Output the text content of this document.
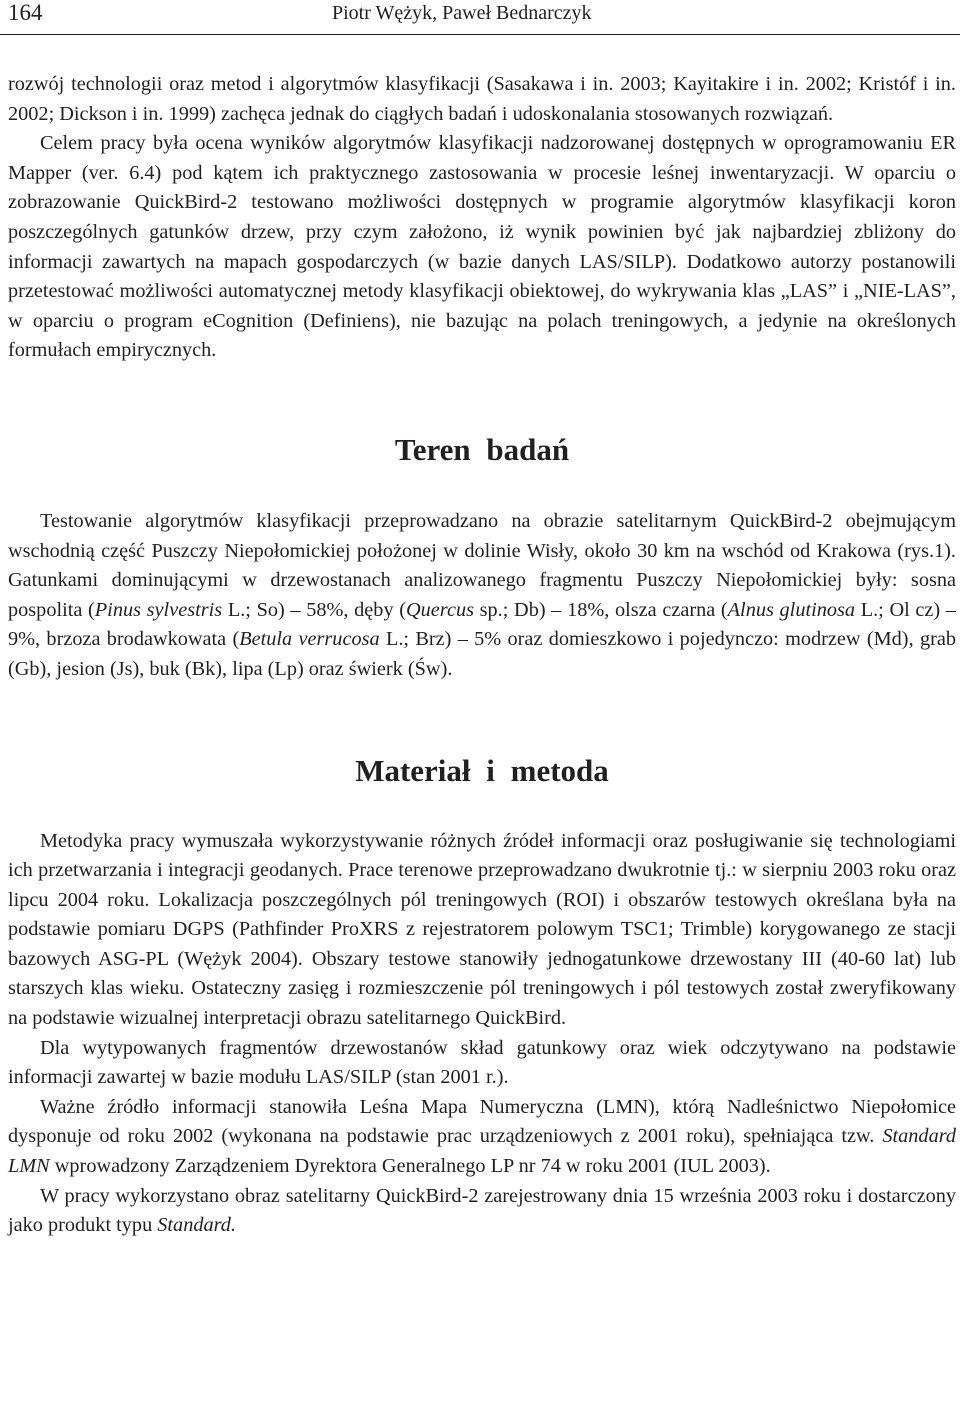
164	Piotr Wężyk, Paweł Bednarczyk

rozwój technologii oraz metod i algorytmów klasyfikacji (Sasakawa i in. 2003; Kayitakire i in. 2002; Kristóf i in. 2002; Dickson i in. 1999) zachęca jednak do ciągłych badań i udoskonalania stosowanych rozwiązań.

Celem pracy była ocena wyników algorytmów klasyfikacji nadzorowanej dostępnych w oprogramowaniu ER Mapper (ver. 6.4) pod kątem ich praktycznego zastosowania w procesie leśnej inwentaryzacji. W oparciu o zobrazowanie QuickBird-2 testowano możliwości dostępnych w programie algorytmów klasyfikacji koron poszczególnych gatunków drzew, przy czym założono, iż wynik powinien być jak najbardziej zbliżony do informacji zawartych na mapach gospodarczych (w bazie danych LAS/SILP). Dodatkowo autorzy postanowili przetestować możliwości automatycznej metody klasyfikacji obiektowej, do wykrywania klas „LAS” i „NIE-LAS”, w oparciu o program eCognition (Definiens), nie bazując na polach treningowych, a jedynie na określonych formułach empirycznych.

Teren badań

Testowanie algorytmów klasyfikacji przeprowadzano na obrazie satelitarnym QuickBird-2 obejmującym wschodnią część Puszczy Niepołomickiej położonej w dolinie Wisły, około 30 km na wschód od Krakowa (rys.1). Gatunkami dominującymi w drzewostanach analizowanego fragmentu Puszczy Niepołomickiej były: sosna pospolita (Pinus sylvestris L.; So) – 58%, dęby (Quercus sp.; Db) – 18%, olsza czarna (Alnus glutinosa L.; Ol cz) – 9%, brzoza brodawkowata (Betula verrucosa L.; Brz) – 5% oraz domieszkowo i pojedynczo: modrzew (Md), grab (Gb), jesion (Js), buk (Bk), lipa (Lp) oraz świerk (Św).

Materiał i metoda

Metodyka pracy wymuszała wykorzystywanie różnych źródeł informacji oraz posługiwanie się technologiami ich przetwarzania i integracji geodanych. Prace terenowe przeprowadzano dwukrotnie tj.: w sierpniu 2003 roku oraz lipcu 2004 roku. Lokalizacja poszczególnych pól treningowych (ROI) i obszarów testowych określana była na podstawie pomiaru DGPS (Pathfinder ProXRS z rejestratorem polowym TSC1; Trimble) korygowanego ze stacji bazowych ASG-PL (Wężyk 2004). Obszary testowe stanowiły jednogatunkowe drzewostany III (40-60 lat) lub starszych klas wieku. Ostateczny zasięg i rozmieszczenie pól treningowych i pól testowych został zweryfikowany na podstawie wizualnej interpretacji obrazu satelitarnego QuickBird.

Dla wytypowanych fragmentów drzewostanów skład gatunkowy oraz wiek odczytywano na podstawie informacji zawartej w bazie modułu LAS/SILP (stan 2001 r.).

Ważne źródło informacji stanowiła Leśna Mapa Numeryczna (LMN), którą Nadleśnictwo Niepołomice dysponuje od roku 2002 (wykonana na podstawie prac urządzeniowych z 2001 roku), spełniająca tzw. Standard LMN wprowadzony Zarządzeniem Dyrektora Generalnego LP nr 74 w roku 2001 (IUL 2003).

W pracy wykorzystano obraz satelitarny QuickBird-2 zarejestrowany dnia 15 września 2003 roku i dostarczony jako produkt typu Standard.
